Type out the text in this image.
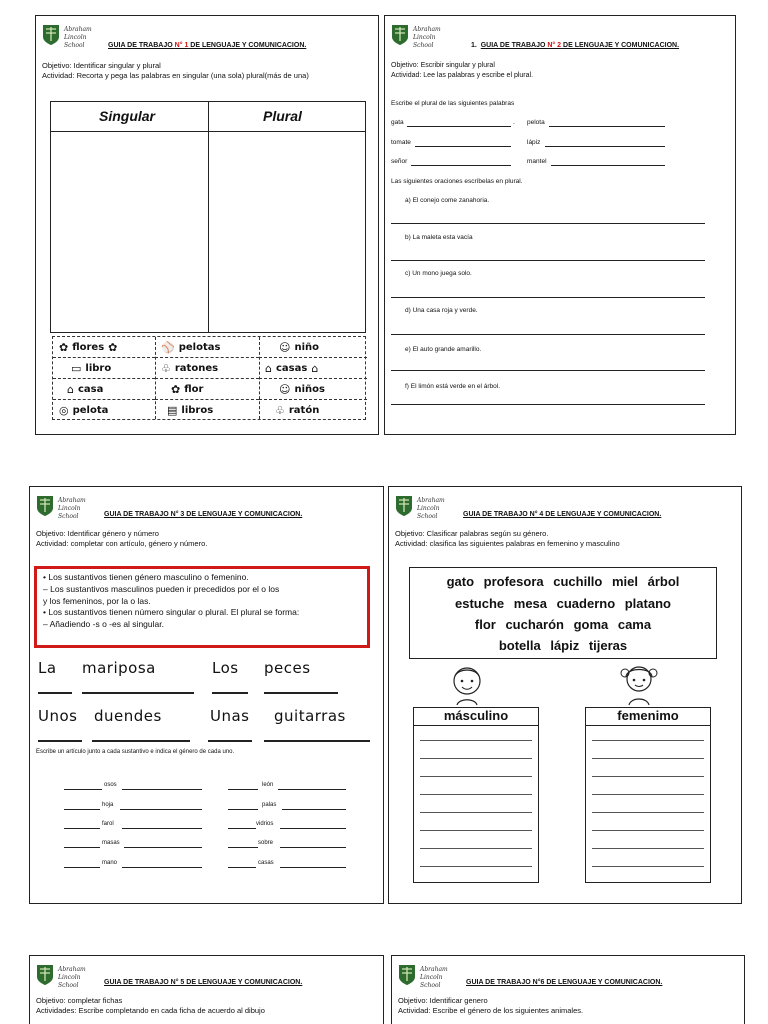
Abraham Lincoln
School	GUIA DE TRABAJO N° 1 DE LENGUAJE Y COMUNICACION.
Objetivo: Identificar singular y plural
Actividad: Recorta y pega las palabras en singular (una sola) plural(más de una)
Singular	Plural
✿ flores ✿	⚾ pelotas	☺ niño
▭ libro	♧ ratones	⌂ casas ⌂
⌂ casa	✿ flor	☺ niños
◎ pelota	▤ libros	♧ ratón
Abraham Lincoln
School	1. GUIA DE TRABAJO N° 2 DE LENGUAJE Y COMUNICACION.
Objetivo: Escribir singular y plural
Actividad: Lee las palabras y escribe el plural.
Escribe el plural de las siguientes palabras
gata	. pelota
tomate	lápiz
señor	mantel
Las siguientes oraciones escríbelas en plural.
a) El conejo come zanahoria.
b) La maleta esta vacía
c) Un mono juega solo.
d) Una casa roja y verde.
e) El auto grande amarillo.
f) El limón está verde en el árbol.
Abraham Lincoln
School	GUIA DE TRABAJO N° 3 DE LENGUAJE Y COMUNICACION.
Objetivo: Identificar género y número
Actividad: completar con artículo, género y número.
• Los sustantivos tienen género masculino o femenino.
– Los sustantivos masculinos pueden ir precedidos por el o los
y los femeninos, por la o las.
• Los sustantivos tienen número singular o plural. El plural se forma:
– Añadiendo -s o -es al singular.
La mariposa	Los peces
Unos duendes	Unas guitarras
Escribe un artículo junto a cada sustantivo e indica el género de cada uno.
osos
hoja
farol
masas
mano
león
palas
vidrios
sobre
casas
Abraham Lincoln
School	GUIA DE TRABAJO N° 4 DE LENGUAJE Y COMUNICACION.
Objetivo: Clasificar palabras según su género.
Actividad: clasifica las siguientes palabras en femenino y masculino
gato profesora cuchillo miel árbol
estuche mesa cuaderno platano
flor cucharón goma cama
botella lápiz tijeras
másculino	femenimo
Abraham Lincoln
School	GUIA DE TRABAJO N° 5 DE LENGUAJE Y COMUNICACION.
Objetivo: completar fichas
Actividades: Escribe completando en cada ficha de acuerdo al dibujo
Abraham Lincoln
School	GUIA DE TRABAJO N°6 DE LENGUAJE Y COMUNICACION.
Objetivo: Identificar genero
Actividad: Escribe el género de los siguientes animales.
